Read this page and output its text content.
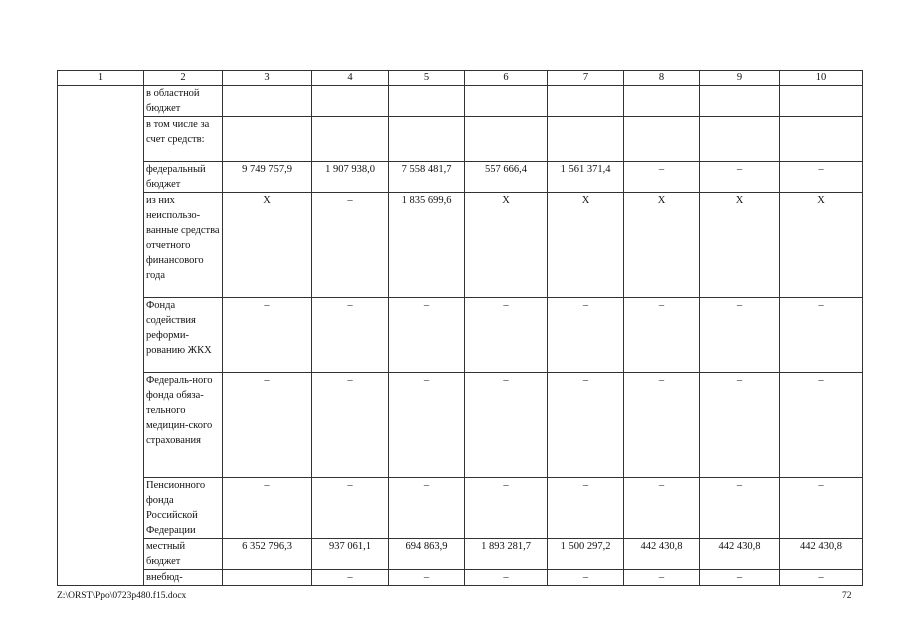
1	2	3	4	5	6	7	8	9	10
	в областной бюджет								
	в том числе за счет средств:								
	федеральный бюджет	9 749 757,9	1 907 938,0	7 558 481,7	557 666,4	1 561 371,4	–	–	–
	из них неиспользо-ванные средства отчетного финансового года	Х	–	1 835 699,6	Х	Х	Х	Х	Х
	Фонда содействия реформи-рованию ЖКХ	–	–	–	–	–	–	–	–
	Федераль-ного фонда обяза-тельного медицин-ского страхования	–	–	–	–	–	–	–	–
	Пенсионного фонда Российской Федерации	–	–	–	–	–	–	–	–
	местный бюджет	6 352 796,3	937 061,1	694 863,9	1 893 281,7	1 500 297,2	442 430,8	442 430,8	442 430,8
	внебюд-		–	–	–	–	–	–	–
Z:\ORST\Ppo\0723p480.f15.docx	72
